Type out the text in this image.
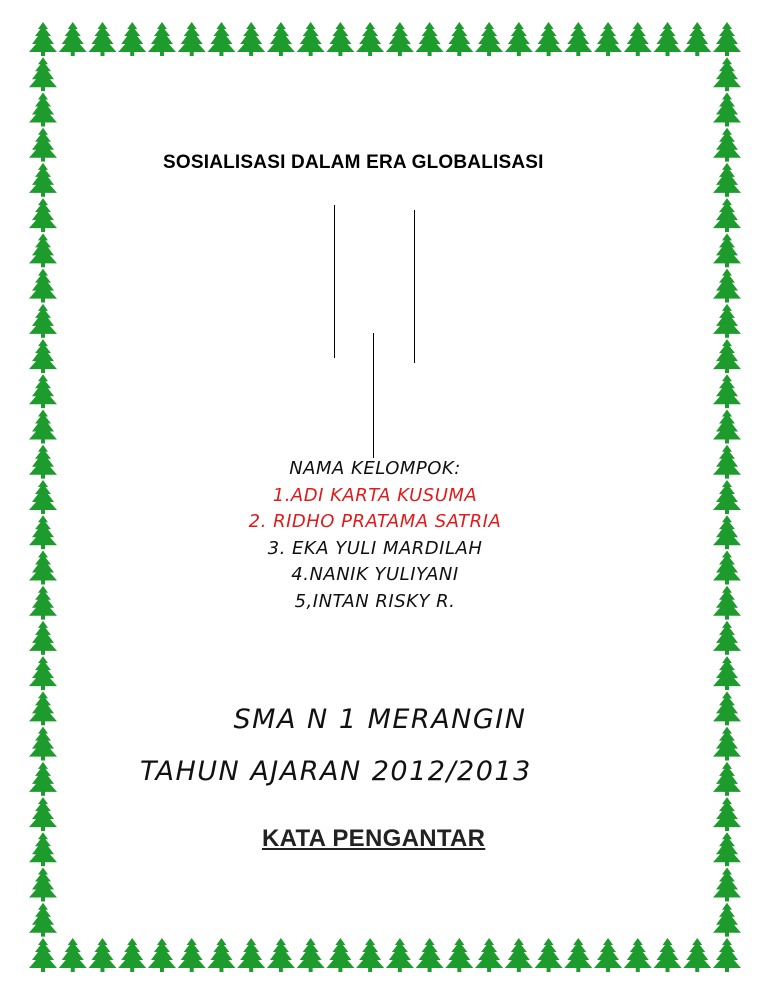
SOSIALISASI DALAM ERA GLOBALISASI
NAMA KELOMPOK:
1.ADI KARTA KUSUMA
2. RIDHO PRATAMA SATRIA
3. EKA YULI MARDILAH
4.NANIK YULIYANI
5,INTAN RISKY R.
SMA N 1 MERANGIN
TAHUN AJARAN 2012/2013
KATA PENGANTAR
